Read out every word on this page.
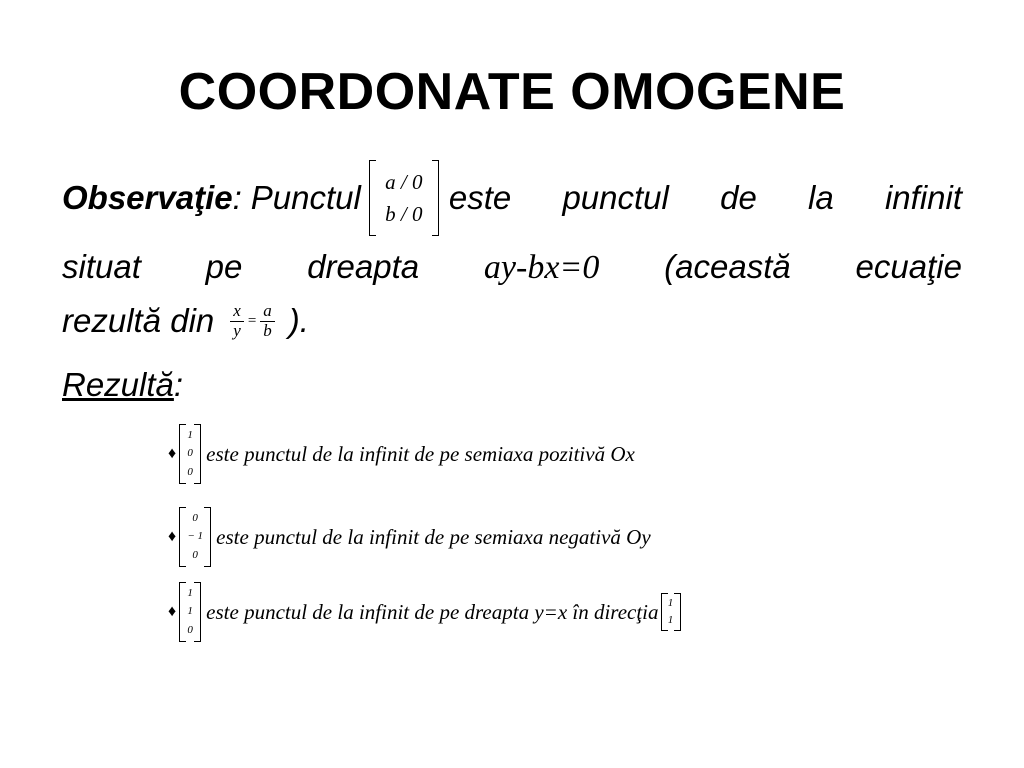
COORDONATE OMOGENE
Observaţie : Punctul	a / 0
b / 0 este punctul de la infinit
situat pe dreapta ay-bx=0 (această ecuaţie
rezultă din $\frac{x}{y} = \frac{a}{b}$ ).
Rezultă:
♦
1
0
0
este punctul de la infinit de pe semiaxa pozitivă Ox
♦
0
− 1
0
este punctul de la infinit de pe semiaxa negativă Oy
♦
1
1
0
este punctul de la infinit de pe dreapta y=x în direcţia 1
1
